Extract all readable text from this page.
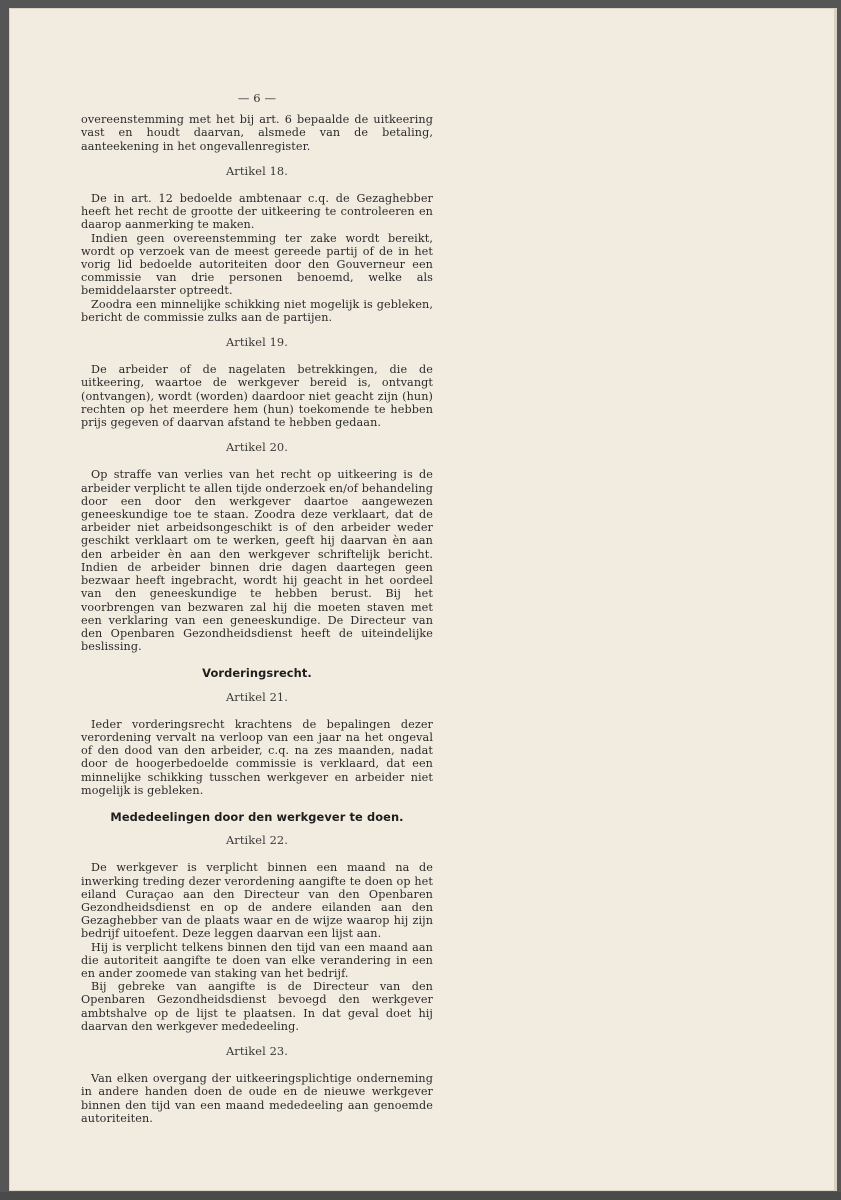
— 6 —

overeenstemming met het bij art. 6 bepaalde de uitkeering vast en houdt daarvan, alsmede van de betaling, aanteekening in het ongevallenregister.

Artikel 18.

De in art. 12 bedoelde ambtenaar c.q. de Gezaghebber heeft het recht de grootte der uitkeering te controleeren en daarop aanmerking te maken.

Indien geen overeenstemming ter zake wordt bereikt, wordt op verzoek van de meest gereede partij of de in het vorig lid bedoelde autoriteiten door den Gouverneur een commissie van drie personen benoemd, welke als bemiddelaarster optreedt.

Zoodra een minnelijke schikking niet mogelijk is gebleken, bericht de commissie zulks aan de partijen.

Artikel 19.

De arbeider of de nagelaten betrekkingen, die de uitkeering, waartoe de werkgever bereid is, ontvangt (ontvangen), wordt (worden) daardoor niet geacht zijn (hun) rechten op het meerdere hem (hun) toekomende te hebben prijs gegeven of daarvan afstand te hebben gedaan.

Artikel 20.

Op straffe van verlies van het recht op uitkeering is de arbeider verplicht te allen tijde onderzoek en/of behandeling door een door den werkgever daartoe aangewezen geneeskundige toe te staan. Zoodra deze verklaart, dat de arbeider niet arbeidsongeschikt is of den arbeider weder geschikt verklaart om te werken, geeft hij daarvan èn aan den arbeider èn aan den werkgever schriftelijk bericht. Indien de arbeider binnen drie dagen daartegen geen bezwaar heeft ingebracht, wordt hij geacht in het oordeel van den geneeskundige te hebben berust. Bij het voorbrengen van bezwaren zal hij die moeten staven met een verklaring van een geneeskundige. De Directeur van den Openbaren Gezondheidsdienst heeft de uiteindelijke beslissing.

Vorderingsrecht.
Artikel 21.

Ieder vorderingsrecht krachtens de bepalingen dezer verordening vervalt na verloop van een jaar na het ongeval of den dood van den arbeider, c.q. na zes maanden, nadat door de hoogerbedoelde commissie is verklaard, dat een minnelijke schikking tusschen werkgever en arbeider niet mogelijk is gebleken.

Mededeelingen door den werkgever te doen.
Artikel 22.

De werkgever is verplicht binnen een maand na de inwerking treding dezer verordening aangifte te doen op het eiland Curaçao aan den Directeur van den Openbaren Gezondheidsdienst en op de andere eilanden aan den Gezaghebber van de plaats waar en de wijze waarop hij zijn bedrijf uitoefent. Deze leggen daarvan een lijst aan.

Hij is verplicht telkens binnen den tijd van een maand aan die autoriteit aangifte te doen van elke verandering in een en ander zoomede van staking van het bedrijf.

Bij gebreke van aangifte is de Directeur van den Openbaren Gezondheidsdienst bevoegd den werkgever ambtshalve op de lijst te plaatsen. In dat geval doet hij daarvan den werkgever mededeeling.

Artikel 23.

Van elken overgang der uitkeeringsplichtige onderneming in andere handen doen de oude en de nieuwe werkgever binnen den tijd van een maand mededeeling aan genoemde autoriteiten.
